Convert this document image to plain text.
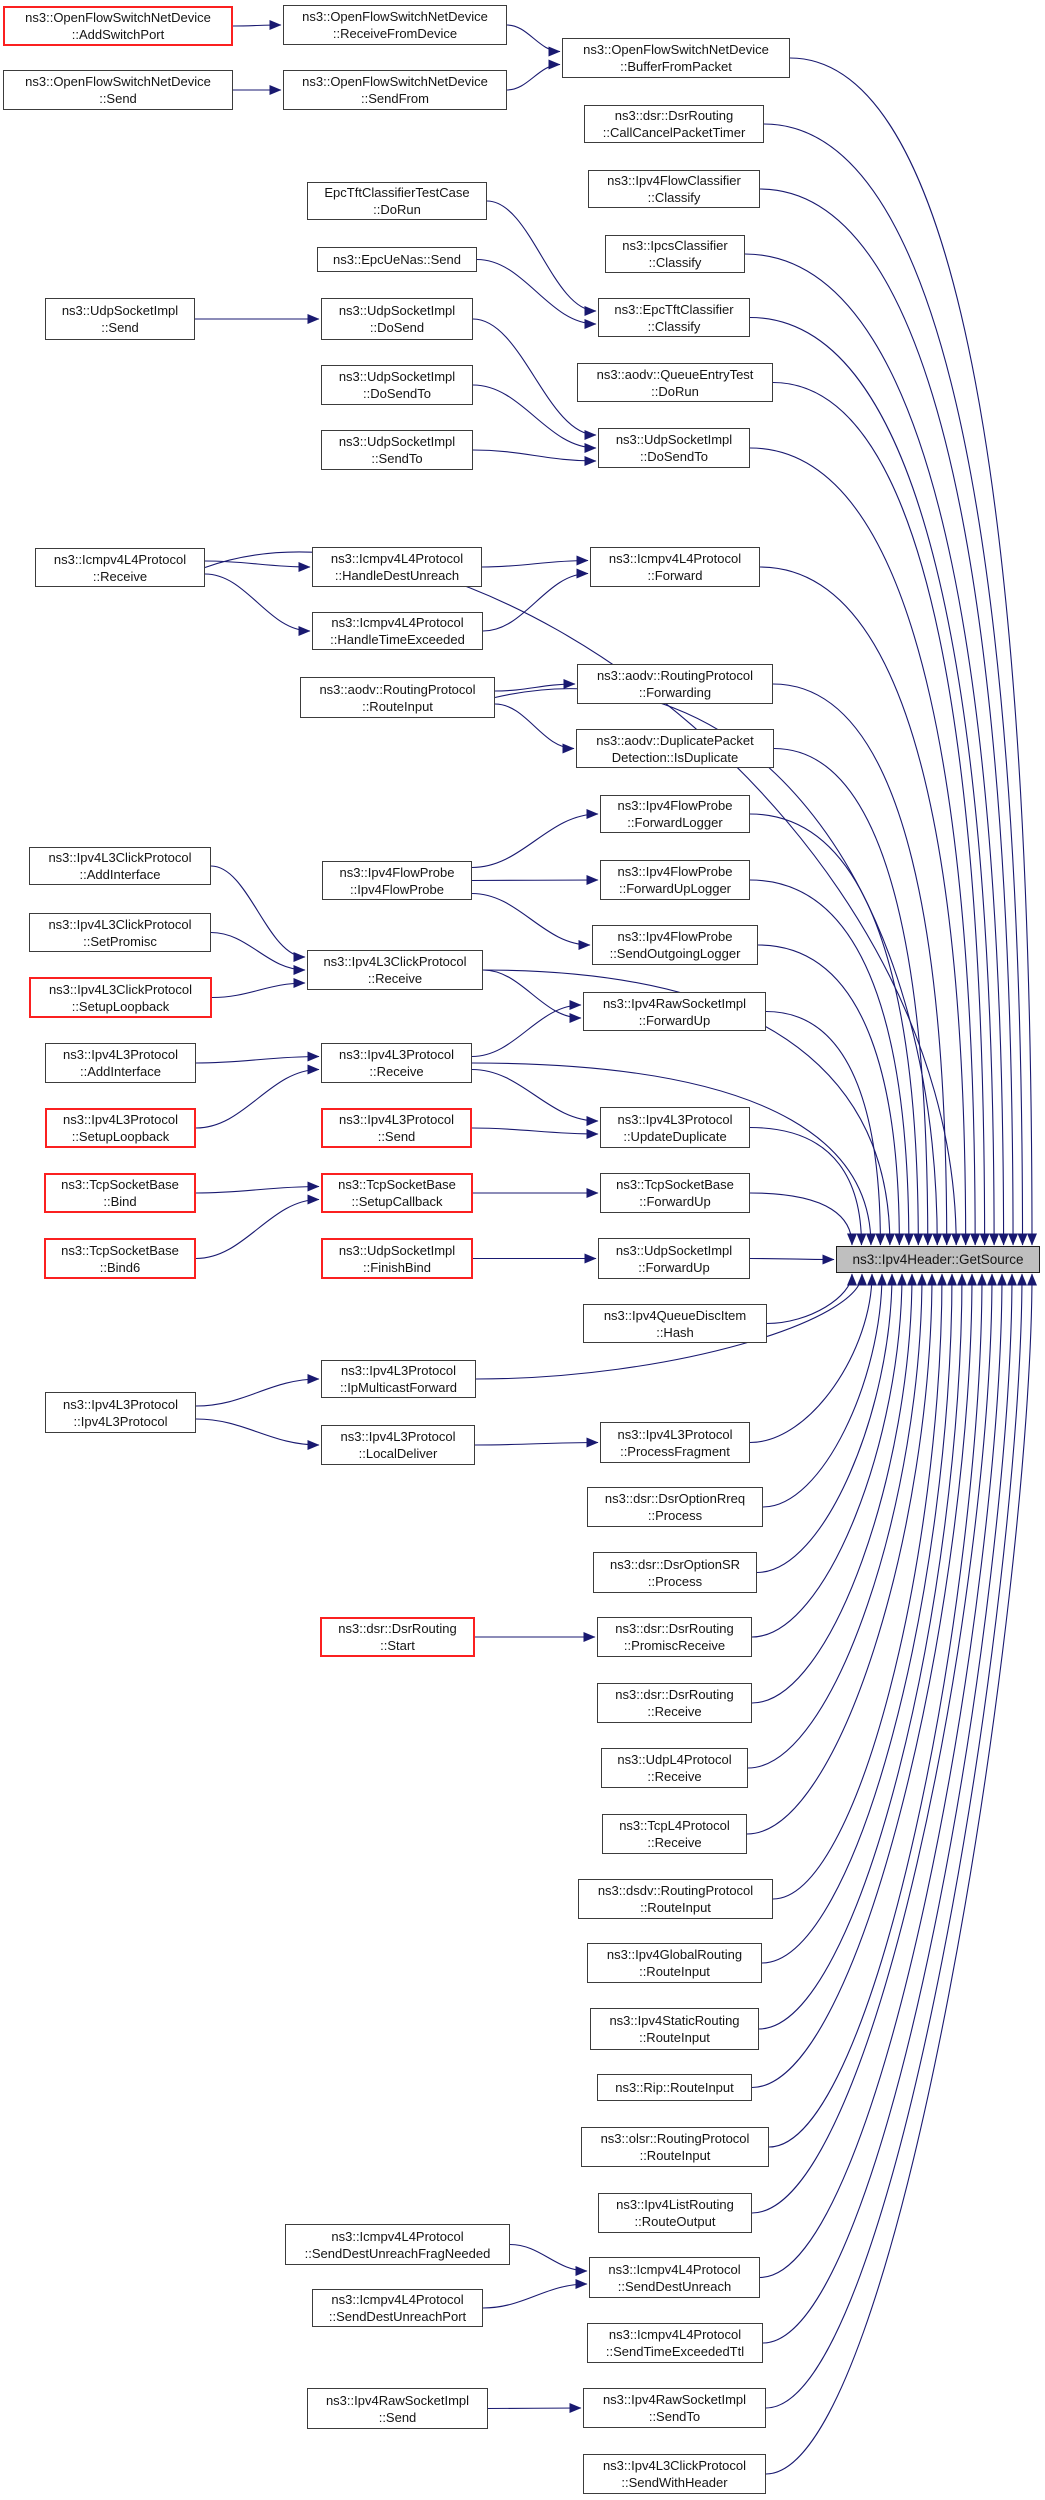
ns3::OpenFlowSwitchNetDevice
::AddSwitchPort
ns3::OpenFlowSwitchNetDevice
::ReceiveFromDevice
ns3::OpenFlowSwitchNetDevice
::Send
ns3::OpenFlowSwitchNetDevice
::SendFrom
ns3::OpenFlowSwitchNetDevice
::BufferFromPacket
ns3::dsr::DsrRouting
::CallCancelPacketTimer
ns3::Ipv4FlowClassifier
::Classify
ns3::IpcsClassifier
::Classify
ns3::EpcTftClassifier
::Classify
EpcTftClassifierTestCase
::DoRun
ns3::EpcUeNas::Send
ns3::UdpSocketImpl
::Send
ns3::UdpSocketImpl
::DoSend
ns3::UdpSocketImpl
::DoSendTo
ns3::UdpSocketImpl
::SendTo
ns3::aodv::QueueEntryTest
::DoRun
ns3::UdpSocketImpl
::DoSendTo
ns3::Icmpv4L4Protocol
::Receive
ns3::Icmpv4L4Protocol
::HandleDestUnreach
ns3::Icmpv4L4Protocol
::HandleTimeExceeded
ns3::Icmpv4L4Protocol
::Forward
ns3::aodv::RoutingProtocol
::RouteInput
ns3::aodv::RoutingProtocol
::Forwarding
ns3::aodv::DuplicatePacket
Detection::IsDuplicate
ns3::Ipv4FlowProbe
::ForwardLogger
ns3::Ipv4FlowProbe
::Ipv4FlowProbe
ns3::Ipv4FlowProbe
::ForwardUpLogger
ns3::Ipv4FlowProbe
::SendOutgoingLogger
ns3::Ipv4L3ClickProtocol
::AddInterface
ns3::Ipv4L3ClickProtocol
::SetPromisc
ns3::Ipv4L3ClickProtocol
::SetupLoopback
ns3::Ipv4L3ClickProtocol
::Receive
ns3::Ipv4L3Protocol
::AddInterface
ns3::Ipv4L3Protocol
::SetupLoopback
ns3::Ipv4L3Protocol
::Receive
ns3::Ipv4L3Protocol
::Send
ns3::Ipv4RawSocketImpl
::ForwardUp
ns3::Ipv4L3Protocol
::UpdateDuplicate
ns3::TcpSocketBase
::Bind
ns3::TcpSocketBase
::Bind6
ns3::TcpSocketBase
::SetupCallback
ns3::UdpSocketImpl
::FinishBind
ns3::TcpSocketBase
::ForwardUp
ns3::UdpSocketImpl
::ForwardUp
ns3::Ipv4QueueDiscItem
::Hash
ns3::Ipv4L3Protocol
::Ipv4L3Protocol
ns3::Ipv4L3Protocol
::IpMulticastForward
ns3::Ipv4L3Protocol
::LocalDeliver
ns3::Ipv4L3Protocol
::ProcessFragment
ns3::dsr::DsrOptionRreq
::Process
ns3::dsr::DsrOptionSR
::Process
ns3::dsr::DsrRouting
::Start
ns3::dsr::DsrRouting
::PromiscReceive
ns3::dsr::DsrRouting
::Receive
ns3::UdpL4Protocol
::Receive
ns3::TcpL4Protocol
::Receive
ns3::dsdv::RoutingProtocol
::RouteInput
ns3::Ipv4GlobalRouting
::RouteInput
ns3::Ipv4StaticRouting
::RouteInput
ns3::Rip::RouteInput
ns3::olsr::RoutingProtocol
::RouteInput
ns3::Ipv4ListRouting
::RouteOutput
ns3::Icmpv4L4Protocol
::SendDestUnreachFragNeeded
ns3::Icmpv4L4Protocol
::SendDestUnreachPort
ns3::Icmpv4L4Protocol
::SendDestUnreach
ns3::Icmpv4L4Protocol
::SendTimeExceededTtl
ns3::Ipv4RawSocketImpl
::Send
ns3::Ipv4RawSocketImpl
::SendTo
ns3::Ipv4L3ClickProtocol
::SendWithHeader
ns3::Ipv4Header::GetSource
